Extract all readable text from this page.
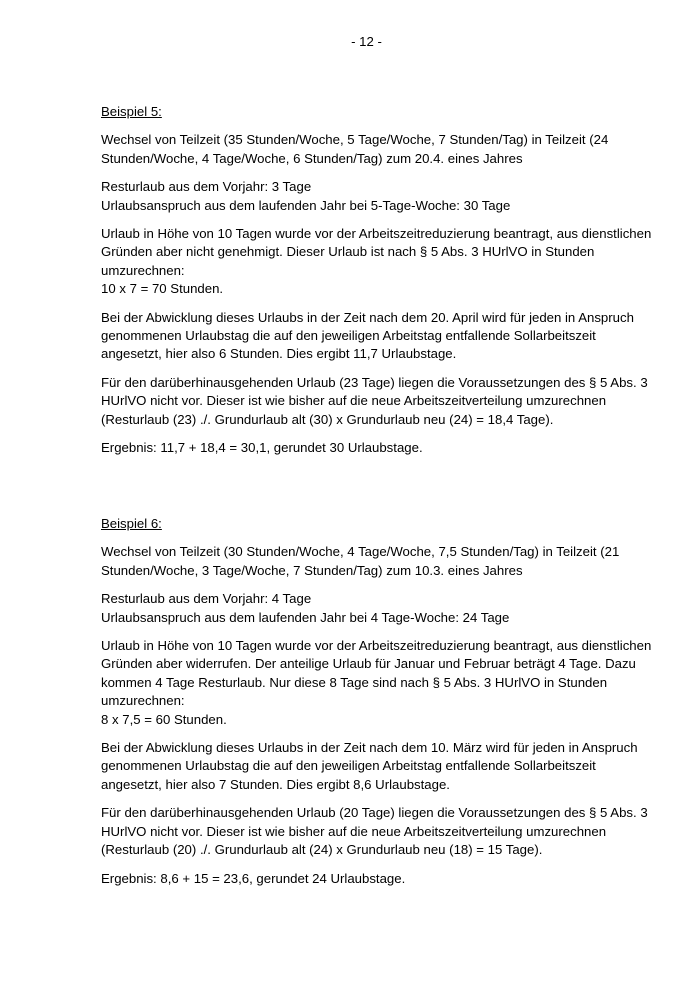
- 12 -

Beispiel 5:

Wechsel von Teilzeit (35 Stunden/Woche, 5 Tage/Woche, 7 Stunden/Tag) in Teilzeit (24 Stunden/Woche, 4 Tage/Woche, 6 Stunden/Tag) zum 20.4. eines Jahres

Resturlaub aus dem Vorjahr: 3 Tage
Urlaubsanspruch aus dem laufenden Jahr bei 5-Tage-Woche: 30 Tage

Urlaub in Höhe von 10 Tagen wurde vor der Arbeitszeitreduzierung beantragt, aus dienstlichen Gründen aber nicht genehmigt. Dieser Urlaub ist nach § 5 Abs. 3 HUrlVO in Stunden umzurechnen:
10 x 7 = 70 Stunden.

Bei der Abwicklung dieses Urlaubs in der Zeit nach dem 20. April wird für jeden in Anspruch genommenen Urlaubstag die auf den jeweiligen Arbeitstag entfallende Sollarbeitszeit angesetzt, hier also 6 Stunden. Dies ergibt 11,7 Urlaubstage.

Für den darüberhinausgehenden Urlaub (23 Tage) liegen die Voraussetzungen des § 5 Abs. 3 HUrlVO nicht vor. Dieser ist wie bisher auf die neue Arbeitszeitverteilung umzurechnen (Resturlaub (23) ./. Grundurlaub alt (30) x Grundurlaub neu (24) = 18,4 Tage).

Ergebnis: 11,7 + 18,4 = 30,1, gerundet 30 Urlaubstage.

Beispiel 6:

Wechsel von Teilzeit (30 Stunden/Woche, 4 Tage/Woche, 7,5 Stunden/Tag) in Teilzeit (21 Stunden/Woche, 3 Tage/Woche, 7 Stunden/Tag) zum 10.3. eines Jahres

Resturlaub aus dem Vorjahr: 4 Tage
Urlaubsanspruch aus dem laufenden Jahr bei 4 Tage-Woche: 24 Tage

Urlaub in Höhe von 10 Tagen wurde vor der Arbeitszeitreduzierung beantragt, aus dienstlichen Gründen aber widerrufen. Der anteilige Urlaub für Januar und Februar beträgt 4 Tage. Dazu kommen 4 Tage Resturlaub. Nur diese 8 Tage sind nach § 5 Abs. 3 HUrlVO in Stunden umzurechnen:
8 x 7,5 = 60 Stunden.

Bei der Abwicklung dieses Urlaubs in der Zeit nach dem 10. März wird für jeden in Anspruch genommenen Urlaubstag die auf den jeweiligen Arbeitstag entfallende Sollarbeitszeit angesetzt, hier also 7 Stunden. Dies ergibt 8,6 Urlaubstage.

Für den darüberhinausgehenden Urlaub (20 Tage) liegen die Voraussetzungen des § 5 Abs. 3 HUrlVO nicht vor. Dieser ist wie bisher auf die neue Arbeitszeitverteilung umzurechnen (Resturlaub (20) ./. Grundurlaub alt (24) x Grundurlaub neu (18) = 15 Tage).

Ergebnis: 8,6 + 15 = 23,6, gerundet 24 Urlaubstage.
